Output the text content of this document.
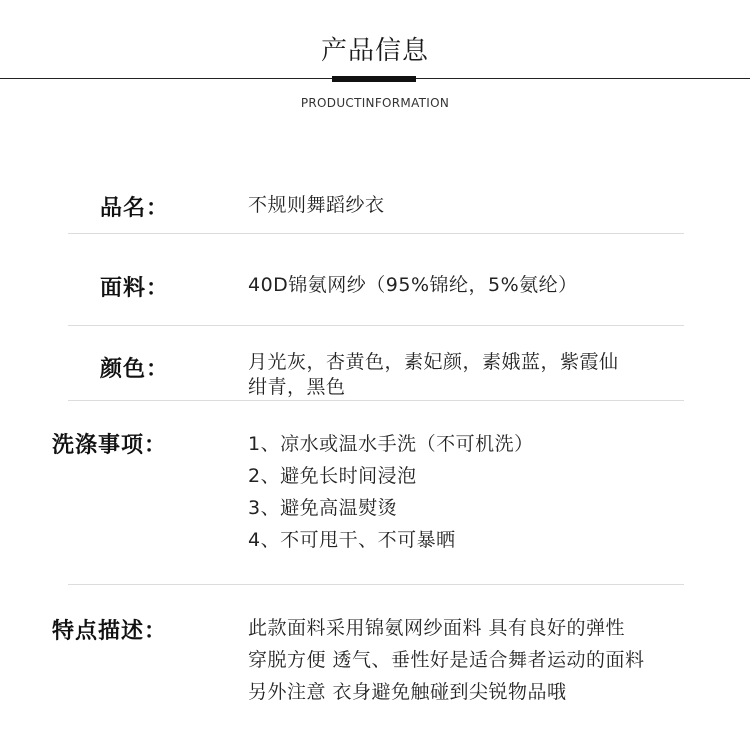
产品信息
PRODUCTINFORMATION
品名：	不规则舞蹈纱衣
面料：	40D锦氨网纱（95%锦纶，5%氨纶）
颜色：	月光灰，杏黄色，素妃颜，素娥蓝，紫霞仙
绀青，黑色
洗涤事项：	1、凉水或温水手洗（不可机洗）
2、避免长时间浸泡
3、避免高温熨烫
4、不可甩干、不可暴晒
特点描述：	此款面料采用锦氨网纱面料 具有良好的弹性
穿脱方便 透气、垂性好是适合舞者运动的面料
另外注意 衣身避免触碰到尖锐物品哦
